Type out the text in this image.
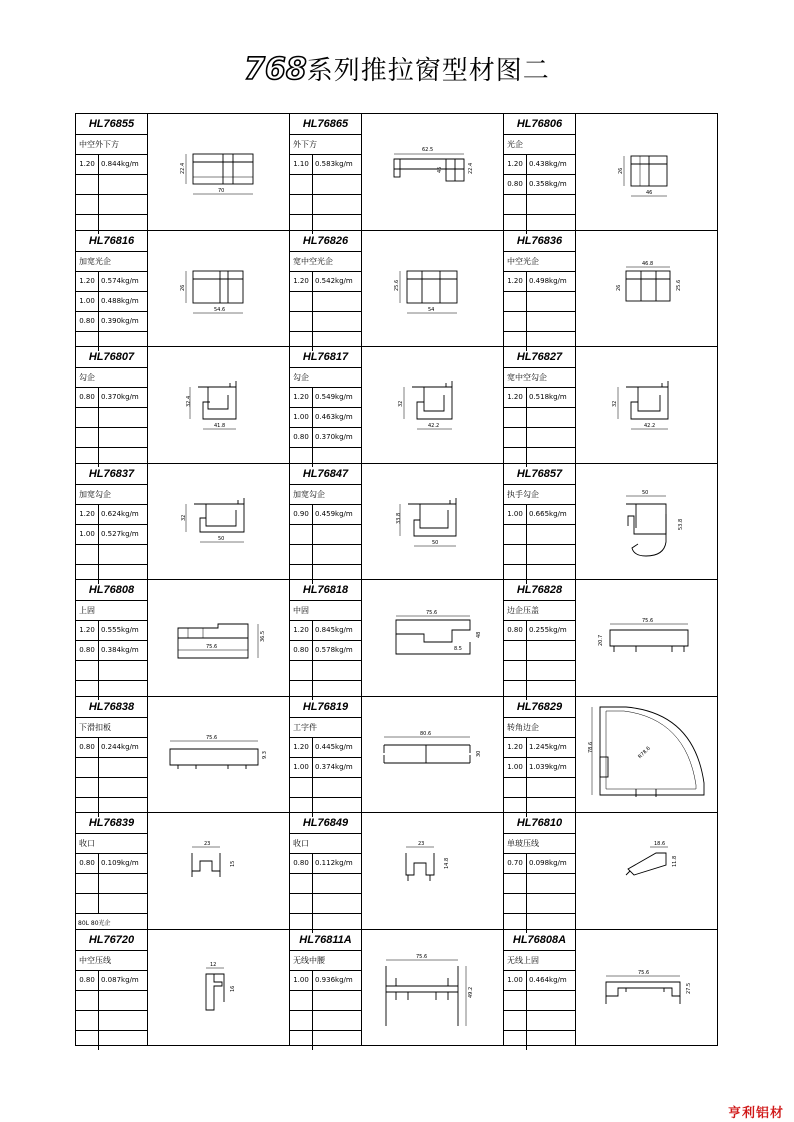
768系列推拉窗型材图二
HL76855
中空外下方
1.20 0.844kg/m	22.4
70
HL76865
外下方
1.10 0.583kg/m
62.5
22.4
45
HL76806
光企
1.20 0.438kg/m
0.80 0.358kg/m
26
46
HL76816
加宽光企
1.20 0.574kg/m
1.00 0.488kg/m
0.80 0.390kg/m
26
54.6
HL76826
宽中空光企
1.20 0.542kg/m	25.6
54
HL76836
中空光企
1.20 0.498kg/m
46.8
26	25.6
HL76807
勾企
0.80 0.370kg/m	32.4
41.8
HL76817
勾企
1.20 0.549kg/m
1.00 0.463kg/m
0.80 0.370kg/m
32
42.2
HL76827
宽中空勾企
1.20 0.518kg/m
32
42.2
HL76837
加宽勾企
1.20 0.624kg/m
1.00 0.527kg/m
32
50
HL76847
加宽勾企
0.90 0.459kg/m	33.8
50
HL76857
执手勾企
1.00 0.665kg/m
50
53.8
HL76808
上固
1.20 0.555kg/m
0.80 0.384kg/m
36.5
75.6
HL76818
中固
1.20 0.845kg/m
0.80 0.578kg/m
75.6
48
8.5
HL76828
边企压盖
0.80 0.255kg/m
75.6
20.7
HL76838
下滑扣板
0.80 0.244kg/m
75.6
9.3
HL76819
工字件
1.20 0.445kg/m
1.00 0.374kg/m
80.6
30
HL76829
转角边企
1.20 1.245kg/m
1.00 1.039kg/m
78.6	R78.6
HL76839
收口
0.80 0.109kg/m
80L 80光企
23
15
HL76849
收口
0.80 0.112kg/m
23
14.8
HL76810
单玻压线
0.70 0.098kg/m
18.6
11.8
HL76720
中空压线
0.80 0.087kg/m
12
16
HL76811A
无线中腰
1.00 0.936kg/m
75.6
49.2
HL76808A
无线上固
1.00 0.464kg/m
75.6
27.5
亨利铝材
